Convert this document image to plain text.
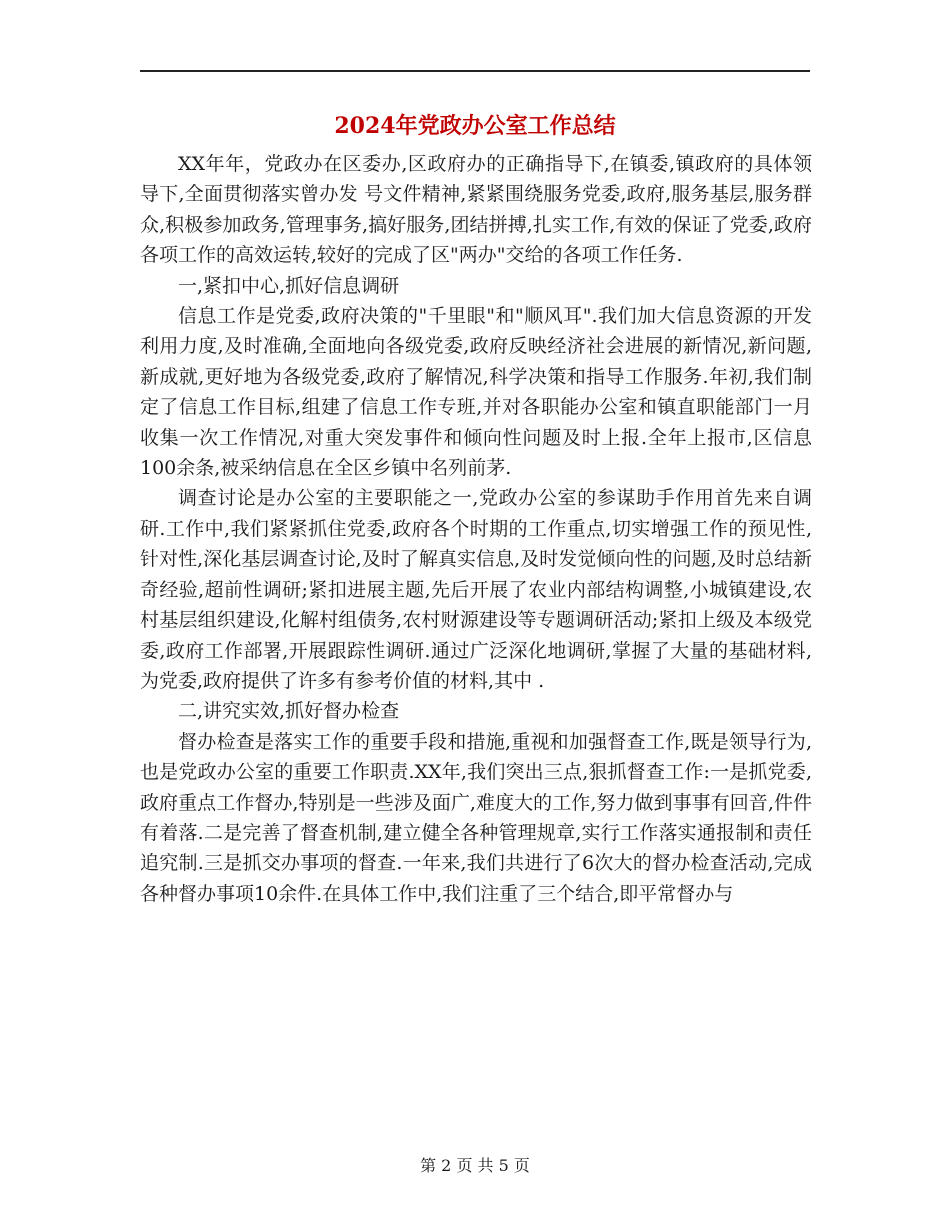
2024年党政办公室工作总结

XX年年，党政办在区委办,区政府办的正确指导下,在镇委,镇政府的具体领导下,全面贯彻落实曾办发 号文件精神,紧紧围绕服务党委,政府,服务基层,服务群众,积极参加政务,管理事务,搞好服务,团结拼搏,扎实工作,有效的保证了党委,政府各项工作的高效运转,较好的完成了区"两办"交给的各项工作任务.

一,紧扣中心,抓好信息调研

信息工作是党委,政府决策的"千里眼"和"顺风耳".我们加大信息资源的开发利用力度,及时准确,全面地向各级党委,政府反映经济社会进展的新情况,新问题,新成就,更好地为各级党委,政府了解情况,科学决策和指导工作服务.年初,我们制定了信息工作目标,组建了信息工作专班,并对各职能办公室和镇直职能部门一月收集一次工作情况,对重大突发事件和倾向性问题及时上报.全年上报市,区信息100余条,被采纳信息在全区乡镇中名列前茅.

调查讨论是办公室的主要职能之一,党政办公室的参谋助手作用首先来自调研.工作中,我们紧紧抓住党委,政府各个时期的工作重点,切实增强工作的预见性,针对性,深化基层调查讨论,及时了解真实信息,及时发觉倾向性的问题,及时总结新奇经验,超前性调研;紧扣进展主题,先后开展了农业内部结构调整,小城镇建设,农村基层组织建设,化解村组债务,农村财源建设等专题调研活动;紧扣上级及本级党委,政府工作部署,开展跟踪性调研.通过广泛深化地调研,掌握了大量的基础材料,为党委,政府提供了许多有参考价值的材料,其中 .

二,讲究实效,抓好督办检查

督办检查是落实工作的重要手段和措施,重视和加强督查工作,既是领导行为,也是党政办公室的重要工作职责.XX年,我们突出三点,狠抓督查工作:一是抓党委,政府重点工作督办,特别是一些涉及面广,难度大的工作,努力做到事事有回音,件件有着落.二是完善了督查机制,建立健全各种管理规章,实行工作落实通报制和责任追究制.三是抓交办事项的督查.一年来,我们共进行了6次大的督办检查活动,完成各种督办事项10余件.在具体工作中,我们注重了三个结合,即平常督办与

第 2 页 共 5 页
